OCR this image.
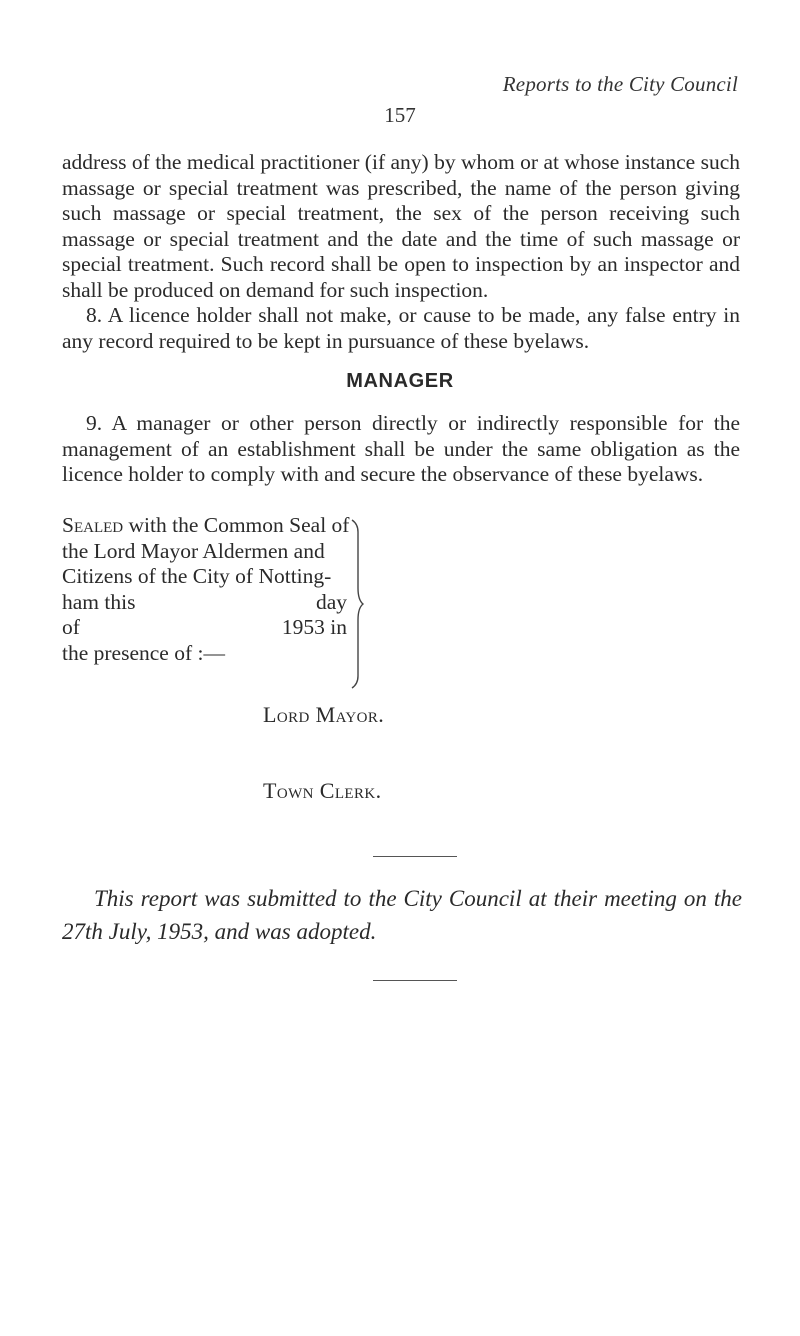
Reports to the City Council
157

address of the medical practitioner (if any) by whom or at whose instance such massage or special treatment was prescribed, the name of the person giving such massage or special treatment, the sex of the person receiving such massage or special treatment and the date and the time of such massage or special treatment. Such record shall be open to inspection by an inspector and shall be produced on demand for such inspection.

8. A licence holder shall not make, or cause to be made, any false entry in any record required to be kept in pursuance of these byelaws.

MANAGER

9. A manager or other person directly or indirectly responsible for the management of an establishment shall be under the same obligation as the licence holder to comply with and secure the observance of these byelaws.

Sealed with the Common Seal of
the Lord Mayor Aldermen and
Citizens of the City of Notting-
ham this	day
of	1953 in
the presence of :—
Lord Mayor.
Town Clerk.

This report was submitted to the City Council at their meeting on the 27th July, 1953, and was adopted.
